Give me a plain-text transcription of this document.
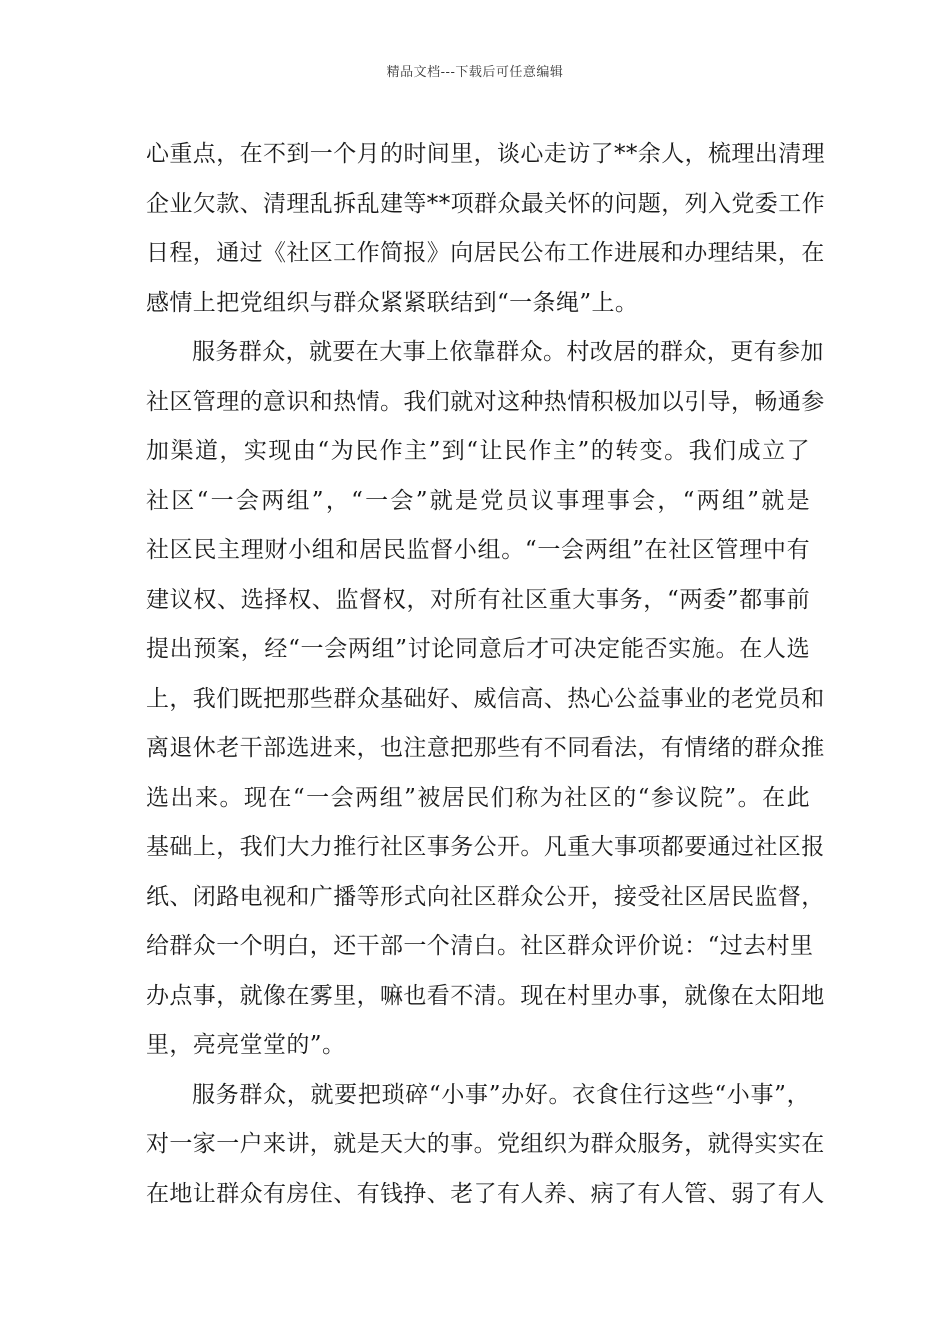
精品文档---下载后可任意编辑
心重点，在不到一个月的时间里，谈心走访了**余人，梳理出清理
企业欠款、清理乱拆乱建等**项群众最关怀的问题，列入党委工作
日程，通过《社区工作简报》向居民公布工作进展和办理结果，在
感情上把党组织与群众紧紧联结到“一条绳”上。
服务群众，就要在大事上依靠群众。村改居的群众，更有参加
社区管理的意识和热情。我们就对这种热情积极加以引导，畅通参
加渠道，实现由“为民作主”到“让民作主”的转变。我们成立了
社区“一会两组”，“一会”就是党员议事理事会，“两组”就是
社区民主理财小组和居民监督小组。“一会两组”在社区管理中有
建议权、选择权、监督权，对所有社区重大事务，“两委”都事前
提出预案，经“一会两组”讨论同意后才可决定能否实施。在人选
上，我们既把那些群众基础好、威信高、热心公益事业的老党员和
离退休老干部选进来，也注意把那些有不同看法，有情绪的群众推
选出来。现在“一会两组”被居民们称为社区的“参议院”。在此
基础上，我们大力推行社区事务公开。凡重大事项都要通过社区报
纸、闭路电视和广播等形式向社区群众公开，接受社区居民监督，
给群众一个明白，还干部一个清白。社区群众评价说：“过去村里
办点事，就像在雾里，嘛也看不清。现在村里办事，就像在太阳地
里，亮亮堂堂的”。
服务群众，就要把琐碎“小事”办好。衣食住行这些“小事”，
对一家一户来讲，就是天大的事。党组织为群众服务，就得实实在
在地让群众有房住、有钱挣、老了有人养、病了有人管、弱了有人
